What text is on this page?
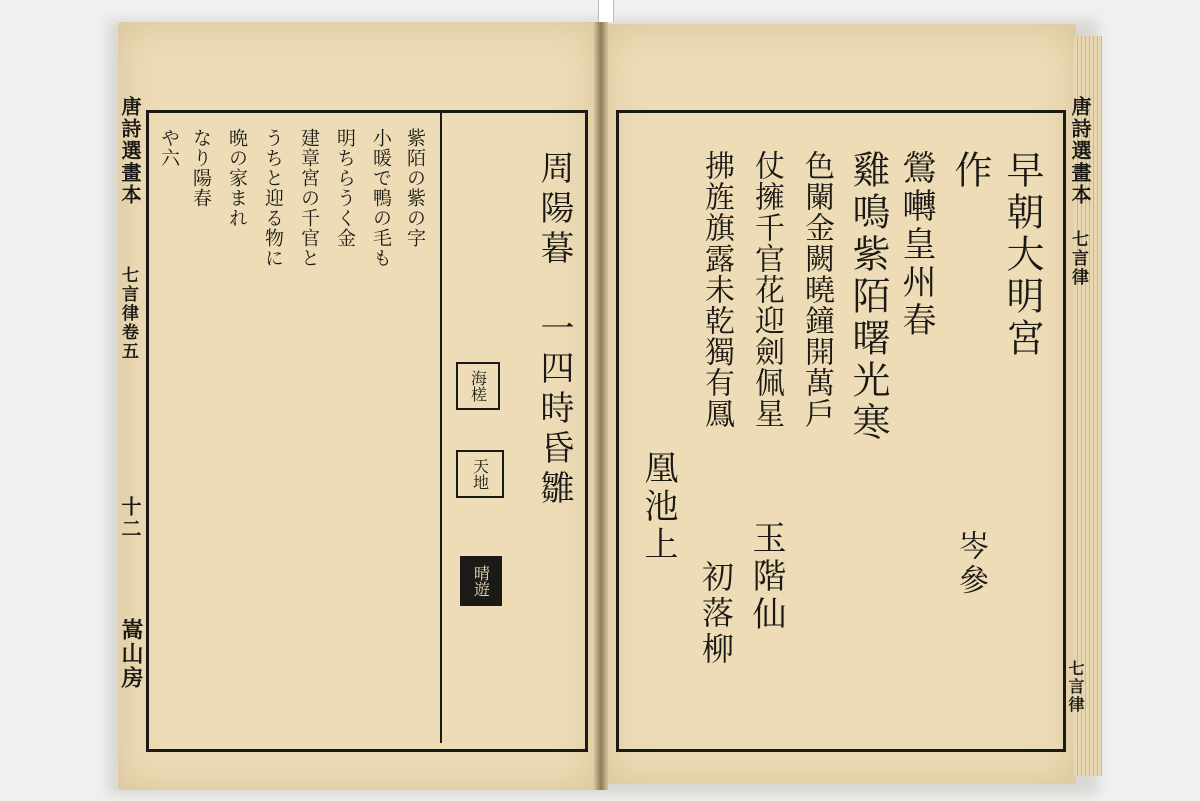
唐詩選畫本
七言律卷五
十二
嵩山房
周陽暮
一四時昏雛
海槎
天地
晴遊
紫陌の紫の字
小暖で鴨の毛も
明ちらうく金
建章宮の千官と
うちと迎る物に
晩の家まれ
なり陽春
や六	唐詩選畫本
七言律
七言律
早朝大明宮
作
岑參
雞鳴紫陌曙光寒 鶯囀皇州春
色闌金闕曉鐘開萬戶
玉階仙
仗擁千官花迎劍佩星
初落柳
拂旌旗露未乾獨有鳳
凰池上
